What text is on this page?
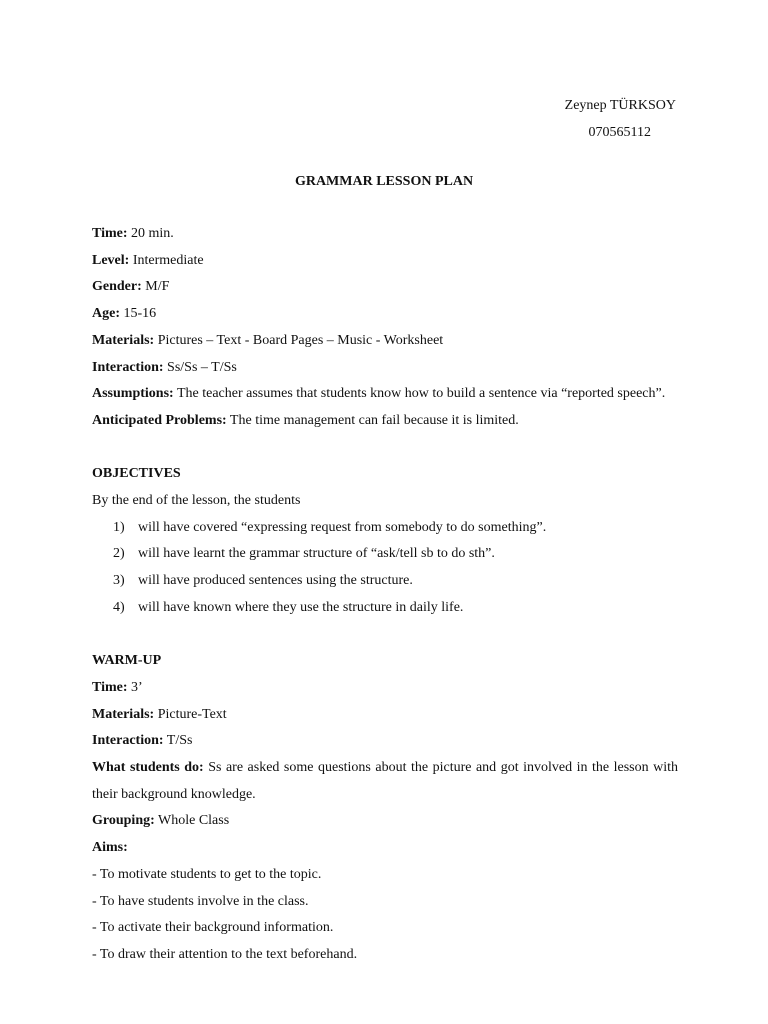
Zeynep TÜRKSOY
070565112
GRAMMAR LESSON PLAN

Time: 20 min.

Level: Intermediate

Gender: M/F

Age: 15-16

Materials: Pictures – Text - Board Pages – Music - Worksheet

Interaction: Ss/Ss – T/Ss

Assumptions: The teacher assumes that students know how to build a sentence via “reported speech”.

Anticipated Problems: The time management can fail because it is limited.

OBJECTIVES

By the end of the lesson, the students

1) will have covered “expressing request from somebody to do something”.
2) will have learnt the grammar structure of “ask/tell sb to do sth”.
3) will have produced sentences using the structure.
4) will have known where they use the structure in daily life.

WARM-UP

Time: 3’

Materials: Picture-Text

Interaction: T/Ss

What students do: Ss are asked some questions about the picture and got involved in the lesson with their background knowledge.

Grouping: Whole Class

Aims:

- To motivate students to get to the topic.

- To have students involve in the class.

- To activate their background information.

- To draw their attention to the text beforehand.
